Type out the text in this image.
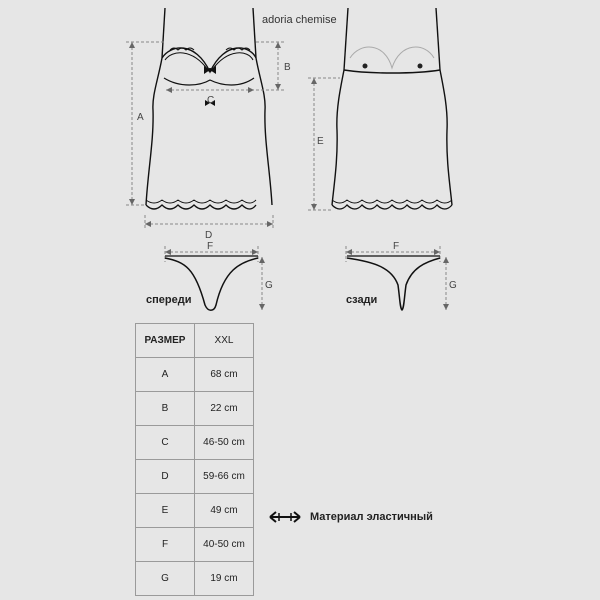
adoria chemise
A
B
C
D
E
F
G
F
G
спереди	сзади
РАЗМЕР	XXL
A	68 cm
B	22 cm
C	46-50 cm
D	59-66 cm
E	49 cm
F	40-50 cm
G	19 cm
Материал эластичный
